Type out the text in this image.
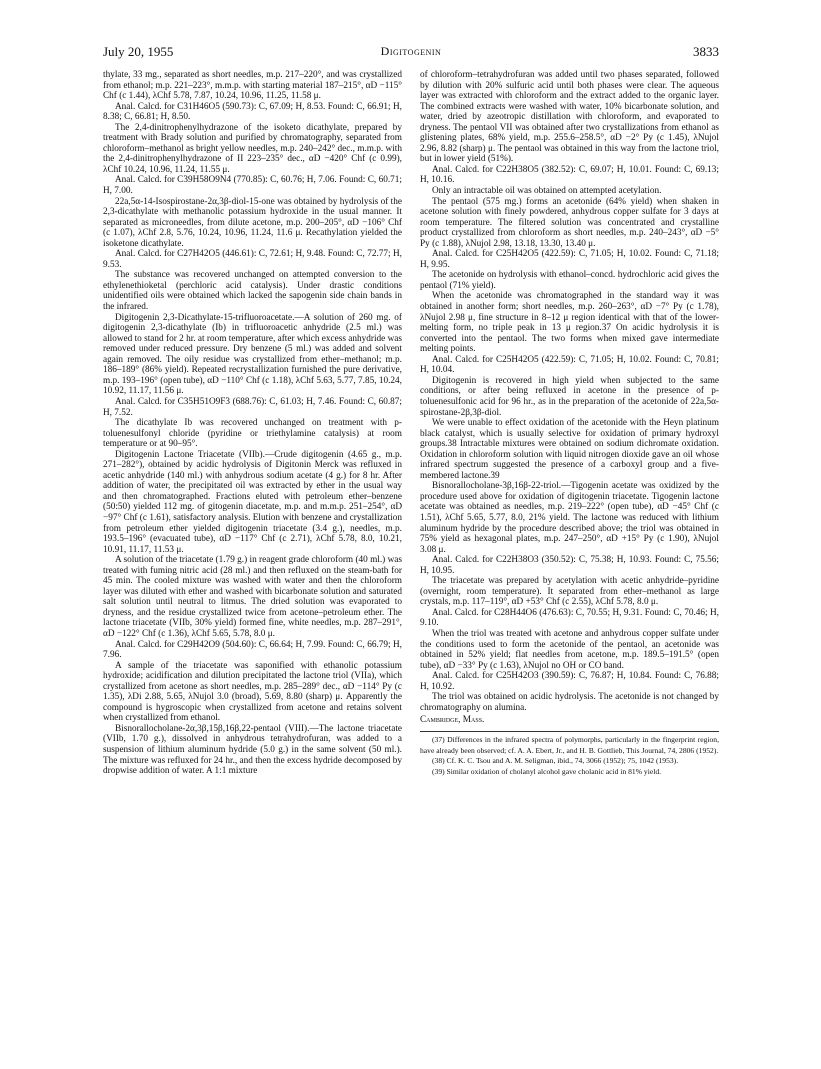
July 20, 1955	Digitogenin	3833

thylate, 33 mg., separated as short needles, m.p. 217–220°, and was crystallized from ethanol; m.p. 221–223°, m.m.p. with starting material 187–215°, αD −115° Chf (c 1.44), λChf 5.78, 7.87, 10.24, 10.96, 11.25, 11.58 μ.

Anal. Calcd. for C31H46O5 (590.73): C, 67.09; H, 8.53. Found: C, 66.91; H, 8.38; C, 66.81; H, 8.50.

The 2,4-dinitrophenylhydrazone of the isoketo dicathylate, prepared by treatment with Brady solution and purified by chromatography, separated from chloroform–methanol as bright yellow needles, m.p. 240–242° dec., m.m.p. with the 2,4-dinitrophenylhydrazone of II 223–235° dec., αD −420° Chf (c 0.99), λChf 10.24, 10.96, 11.24, 11.55 μ.

Anal. Calcd. for C39H58O9N4 (770.85): C, 60.76; H, 7.06. Found: C, 60.71; H, 7.00.

22a,5α-14-Isospirostane-2α,3β-diol-15-one was obtained by hydrolysis of the 2,3-dicathylate with methanolic potassium hydroxide in the usual manner. It separated as microneedles, from dilute acetone, m.p. 200–205°, αD −106° Chf (c 1.07), λChf 2.8, 5.76, 10.24, 10.96, 11.24, 11.6 μ. Recathylation yielded the isoketone dicathylate.

Anal. Calcd. for C27H42O5 (446.61): C, 72.61; H, 9.48. Found: C, 72.77; H, 9.53.

The substance was recovered unchanged on attempted conversion to the ethylenethioketal (perchloric acid catalysis). Under drastic conditions unidentified oils were obtained which lacked the sapogenin side chain bands in the infrared.

Digitogenin 2,3-Dicathylate-15-trifluoroacetate.—A solution of 260 mg. of digitogenin 2,3-dicathylate (Ib) in trifluoroacetic anhydride (2.5 ml.) was allowed to stand for 2 hr. at room temperature, after which excess anhydride was removed under reduced pressure. Dry benzene (5 ml.) was added and solvent again removed. The oily residue was crystallized from ether–methanol; m.p. 186–189° (86% yield). Repeated recrystallization furnished the pure derivative, m.p. 193–196° (open tube), αD −110° Chf (c 1.18), λChf 5.63, 5.77, 7.85, 10.24, 10.92, 11.17, 11.56 μ.

Anal. Calcd. for C35H51O9F3 (688.76): C, 61.03; H, 7.46. Found: C, 60.87; H, 7.52.

The dicathylate Ib was recovered unchanged on treatment with p-toluenesulfonyl chloride (pyridine or triethylamine catalysis) at room temperature or at 90–95°.

Digitogenin Lactone Triacetate (VIIb).—Crude digitogenin (4.65 g., m.p. 271–282°), obtained by acidic hydrolysis of Digitonin Merck was refluxed in acetic anhydride (140 ml.) with anhydrous sodium acetate (4 g.) for 8 hr. After addition of water, the precipitated oil was extracted by ether in the usual way and then chromatographed. Fractions eluted with petroleum ether–benzene (50:50) yielded 112 mg. of gitogenin diacetate, m.p. and m.m.p. 251–254°, αD −97° Chf (c 1.61), satisfactory analysis. Elution with benzene and crystallization from petroleum ether yielded digitogenin triacetate (3.4 g.), needles, m.p. 193.5–196° (evacuated tube), αD −117° Chf (c 2.71), λChf 5.78, 8.0, 10.21, 10.91, 11.17, 11.53 μ.

A solution of the triacetate (1.79 g.) in reagent grade chloroform (40 ml.) was treated with fuming nitric acid (28 ml.) and then refluxed on the steam-bath for 45 min. The cooled mixture was washed with water and then the chloroform layer was diluted with ether and washed with bicarbonate solution and saturated salt solution until neutral to litmus. The dried solution was evaporated to dryness, and the residue crystallized twice from acetone–petroleum ether. The lactone triacetate (VIIb, 30% yield) formed fine, white needles, m.p. 287–291°, αD −122° Chf (c 1.36), λChf 5.65, 5.78, 8.0 μ.

Anal. Calcd. for C29H42O9 (504.60): C, 66.64; H, 7.99. Found: C, 66.79; H, 7.96.

A sample of the triacetate was saponified with ethanolic potassium hydroxide; acidification and dilution precipitated the lactone triol (VIIa), which crystallized from acetone as short needles, m.p. 285–289° dec., αD −114° Py (c 1.35), λDi 2.88, 5.65, λNujol 3.0 (broad), 5.69, 8.80 (sharp) μ. Apparently the compound is hygroscopic when crystallized from acetone and retains solvent when crystallized from ethanol.

Bisnorallocholane-2α,3β,15β,16β,22-pentaol (VIII).—The lactone triacetate (VIIb, 1.70 g.), dissolved in anhydrous tetrahydrofuran, was added to a suspension of lithium aluminum hydride (5.0 g.) in the same solvent (50 ml.). The mixture was refluxed for 24 hr., and then the excess hydride decomposed by dropwise addition of water. A 1:1 mixture

of chloroform–tetrahydrofuran was added until two phases separated, followed by dilution with 20% sulfuric acid until both phases were clear. The aqueous layer was extracted with chloroform and the extract added to the organic layer. The combined extracts were washed with water, 10% bicarbonate solution, and water, dried by azeotropic distillation with chloroform, and evaporated to dryness. The pentaol VII was obtained after two crystallizations from ethanol as glistening plates, 68% yield, m.p. 255.6–258.5°, αD −2° Py (c 1.45), λNujol 2.96, 8.82 (sharp) μ. The pentaol was obtained in this way from the lactone triol, but in lower yield (51%).

Anal. Calcd. for C22H38O5 (382.52): C, 69.07; H, 10.01. Found: C, 69.13; H, 10.16.

Only an intractable oil was obtained on attempted acetylation.

The pentaol (575 mg.) forms an acetonide (64% yield) when shaken in acetone solution with finely powdered, anhydrous copper sulfate for 3 days at room temperature. The filtered solution was concentrated and crystalline product crystallized from chloroform as short needles, m.p. 240–243°, αD −5° Py (c 1.88), λNujol 2.98, 13.18, 13.30, 13.40 μ.

Anal. Calcd. for C25H42O5 (422.59): C, 71.05; H, 10.02. Found: C, 71.18; H, 9.95.

The acetonide on hydrolysis with ethanol–concd. hydrochloric acid gives the pentaol (71% yield).

When the acetonide was chromatographed in the standard way it was obtained in another form; short needles, m.p. 260–263°, αD −7° Py (c 1.78), λNujol 2.98 μ, fine structure in 8–12 μ region identical with that of the lower-melting form, no triple peak in 13 μ region.37 On acidic hydrolysis it is converted into the pentaol. The two forms when mixed gave intermediate melting points.

Anal. Calcd. for C25H42O5 (422.59): C, 71.05; H, 10.02. Found: C, 70.81; H, 10.04.

Digitogenin is recovered in high yield when subjected to the same conditions, or after being refluxed in acetone in the presence of p-toluenesulfonic acid for 96 hr., as in the preparation of the acetonide of 22a,5α-spirostane-2β,3β-diol.

We were unable to effect oxidation of the acetonide with the Heyn platinum black catalyst, which is usually selective for oxidation of primary hydroxyl groups.38 Intractable mixtures were obtained on sodium dichromate oxidation. Oxidation in chloroform solution with liquid nitrogen dioxide gave an oil whose infrared spectrum suggested the presence of a carboxyl group and a five-membered lactone.39

Bisnorallocholane-3β,16β-22-triol.—Tigogenin acetate was oxidized by the procedure used above for oxidation of digitogenin triacetate. Tigogenin lactone acetate was obtained as needles, m.p. 219–222° (open tube), αD −45° Chf (c 1.51), λChf 5.65, 5.77, 8.0, 21% yield. The lactone was reduced with lithium aluminum hydride by the procedure described above; the triol was obtained in 75% yield as hexagonal plates, m.p. 247–250°, αD +15° Py (c 1.90), λNujol 3.08 μ.

Anal. Calcd. for C22H38O3 (350.52): C, 75.38; H, 10.93. Found: C, 75.56; H, 10.95.

The triacetate was prepared by acetylation with acetic anhydride–pyridine (overnight, room temperature). It separated from ether–methanol as large crystals, m.p. 117–119°, αD +53° Chf (c 2.55), λChf 5.78, 8.0 μ.

Anal. Calcd. for C28H44O6 (476.63): C, 70.55; H, 9.31. Found: C, 70.46; H, 9.10.

When the triol was treated with acetone and anhydrous copper sulfate under the conditions used to form the acetonide of the pentaol, an acetonide was obtained in 52% yield; flat needles from acetone, m.p. 189.5–191.5° (open tube), αD −33° Py (c 1.63), λNujol no OH or CO band.

Anal. Calcd. for C25H42O3 (390.59): C, 76.87; H, 10.84. Found: C, 76.88; H, 10.92.

The triol was obtained on acidic hydrolysis. The acetonide is not changed by chromatography on alumina.

Cambridge, Mass.

(37) Differences in the infrared spectra of polymorphs, particularly in the fingerprint region, have already been observed; cf. A. A. Ebert, Jr., and H. B. Gottlieb, This Journal, 74, 2806 (1952).

(38) Cf. K. C. Tsou and A. M. Seligman, ibid., 74, 3066 (1952); 75, 1042 (1953).

(39) Similar oxidation of cholanyl alcohol gave cholanic acid in 81% yield.
